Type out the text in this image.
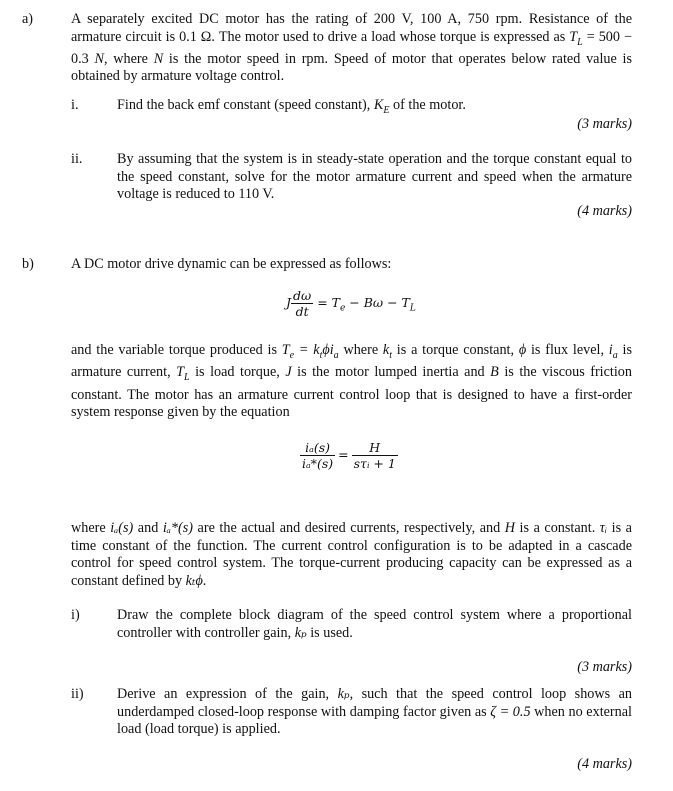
a)	A separately excited DC motor has the rating of 200 V, 100 A, 750 rpm. Resistance of the armature circuit is 0.1 Ω. The motor used to drive a load whose torque is expressed as $T_L = 500 - 0.3$ N, where N is the motor speed in rpm. Speed of motor that operates below rated value is obtained by armature voltage control.
i.	Find the back emf constant (speed constant), $K_E$ of the motor.
(3 marks)
ii. By assuming that the system is in steady-state operation and the torque constant equal to the speed constant, solve for the motor armature current and speed when the armature voltage is reduced to 110 V.
(4 marks)
b)	A DC motor drive dynamic can be expressed as follows:
J $\frac{d\omega}{dt} = T_e - B\omega - T_L$
and the variable torque produced is $T_e = k_t\phi i_a$ where $k_t$ is a torque constant, ϕ is flux level, $i_a$ is armature current, $T_L$ is load torque, J is the motor lumped inertia and B is the viscous friction constant. The motor has an armature current control loop that is designed to have a first-order system response given by the equation
$\frac{\text{iₐ(s)}}{\text{iₐ*(s)}} = \frac{H}{\text{sτᵢ + 1}}$
where iₐ(s) and iₐ*(s) are the actual and desired currents, respectively, and H is a constant. τᵢ is a time constant of the function. The current control configuration is to be adapted in a cascade control for speed control system. The torque-current producing capacity can be expressed as a constant defined by kₜϕ.
i)	Draw the complete block diagram of the speed control system where a proportional controller with controller gain, kₚ is used.
(3 marks)
ii) Derive an expression of the gain, kₚ, such that the speed control loop shows an underdamped closed-loop response with damping factor given as ζ = 0.5 when no external load (load torque) is applied.
(4 marks)
